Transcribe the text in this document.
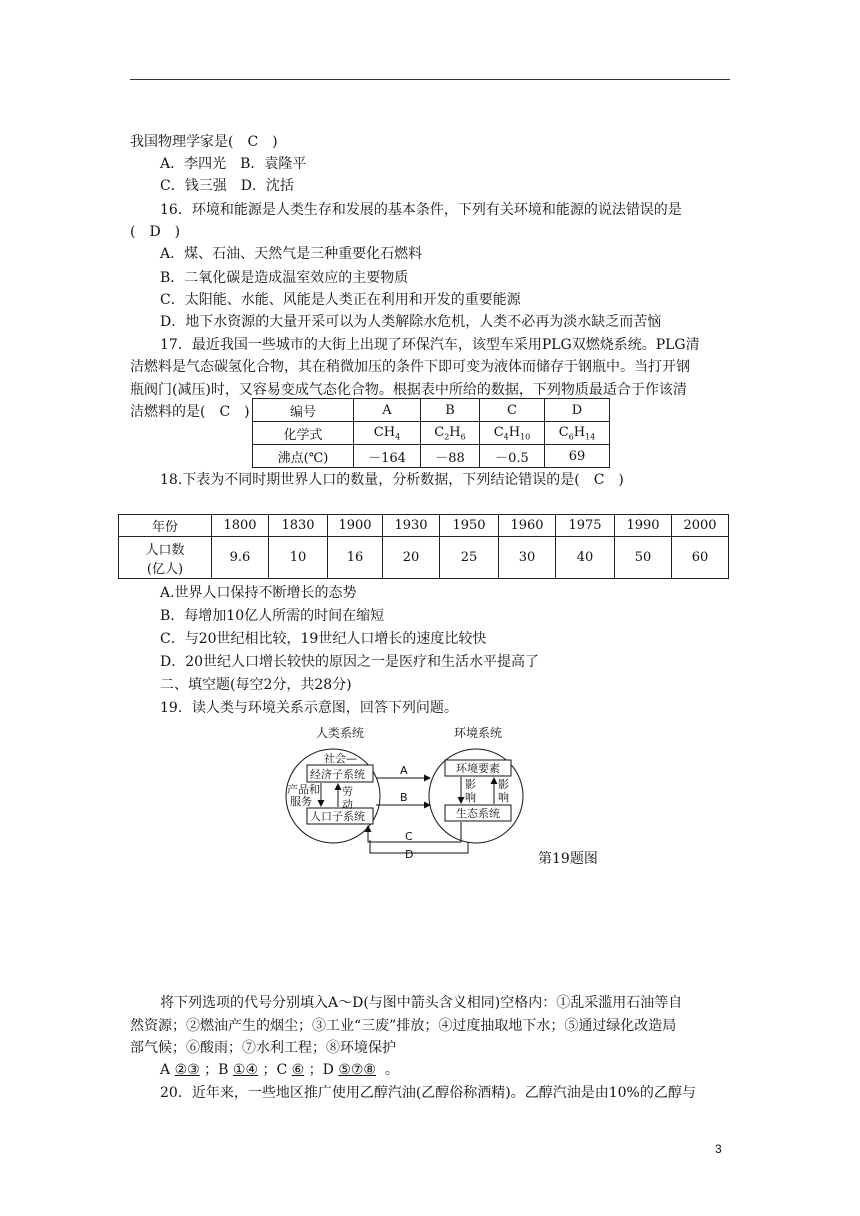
我国物理学家是(　C　)
A．李四光　B．袁隆平
C．钱三强　D．沈括
16．环境和能源是人类生存和发展的基本条件，下列有关环境和能源的说法错误的是
(　D　)
A．煤、石油、天然气是三种重要化石燃料
B．二氧化碳是造成温室效应的主要物质
C．太阳能、水能、风能是人类正在利用和开发的重要能源
D．地下水资源的大量开采可以为人类解除水危机，人类不必再为淡水缺乏而苦恼
17．最近我国一些城市的大街上出现了环保汽车，该型车采用PLG双燃烧系统。PLG清
洁燃料是气态碳氢化合物，其在稍微加压的条件下即可变为液体而储存于钢瓶中。当打开钢
瓶阀门(减压)时，又容易变成气态化合物。根据表中所给的数据，下列物质最适合于作该清
洁燃料的是(　C　)	编号	A	B	C	D
化学式	$CH_4$	$C_2H_6$	$C_4H_{10}$	$C_6H_{14}$
沸点(℃)	－164	－88	－0.5	69
18.下表为不同时期世界人口的数量，分析数据，下列结论错误的是(　C　)
年份	1800	1830	1900	1930	1950	1960	1975	1990	2000

人口数
(亿人)	9.6	10	16	20	25	30	40	50	60
A.世界人口保持不断增长的态势
B．每增加10亿人所需的时间在缩短
C．与20世纪相比较，19世纪人口增长的速度比较快
D．20世纪人口增长较快的原因之一是医疗和生活水平提高了
二、填空题(每空2分，共28分)
19．读人类与环境关系示意图，回答下列问题。
人类系统	环境系统
社会—
经济子系统
人口子系统
产品和
服务
劳
动
环境要素
生态系统
影
响
影
响
A
B
C
D	第19题图
将下列选项的代号分别填入A～D(与图中箭头含义相同)空格内：①乱采滥用石油等自
然资源；②燃油产生的烟尘；③工业“三废”排放；④过度抽取地下水；⑤通过绿化改造局
部气候；⑥酸雨；⑦水利工程；⑧环境保护
A ②③ ；B ①④ ；C ⑥ ；D ⑤⑦⑧ 。
20．近年来，一些地区推广使用乙醇汽油(乙醇俗称酒精)。乙醇汽油是由10%的乙醇与
3
